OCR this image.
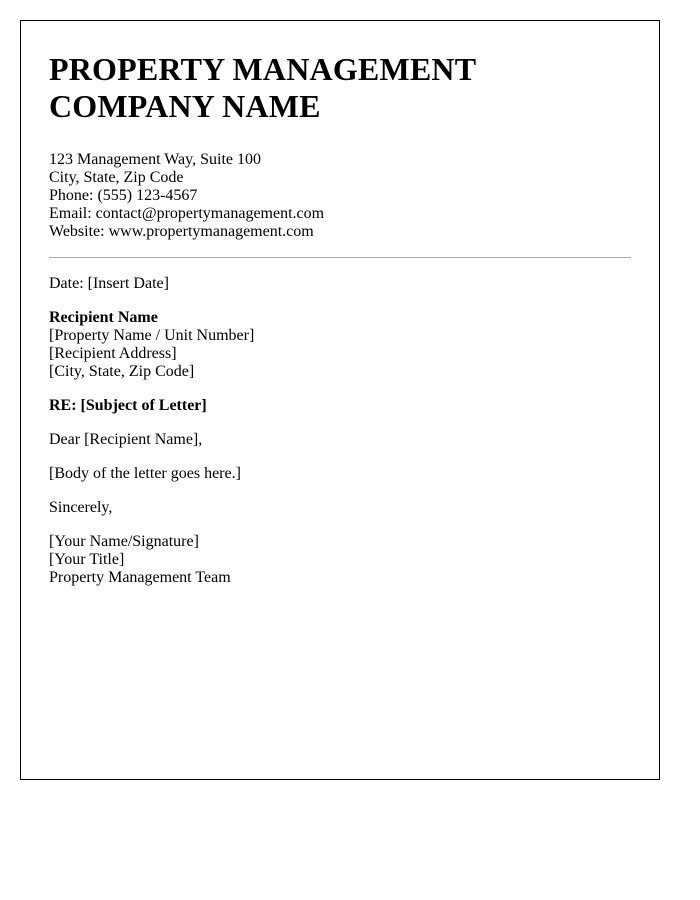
PROPERTY MANAGEMENT COMPANY NAME
123 Management Way, Suite 100
City, State, Zip Code
Phone: (555) 123-4567
Email: contact@propertymanagement.com
Website: www.propertymanagement.com
Date: [Insert Date]
Recipient Name
[Property Name / Unit Number]
[Recipient Address]
[City, State, Zip Code]
RE: [Subject of Letter]
Dear [Recipient Name],
[Body of the letter goes here.]
Sincerely,
[Your Name/Signature]
[Your Title]
Property Management Team
